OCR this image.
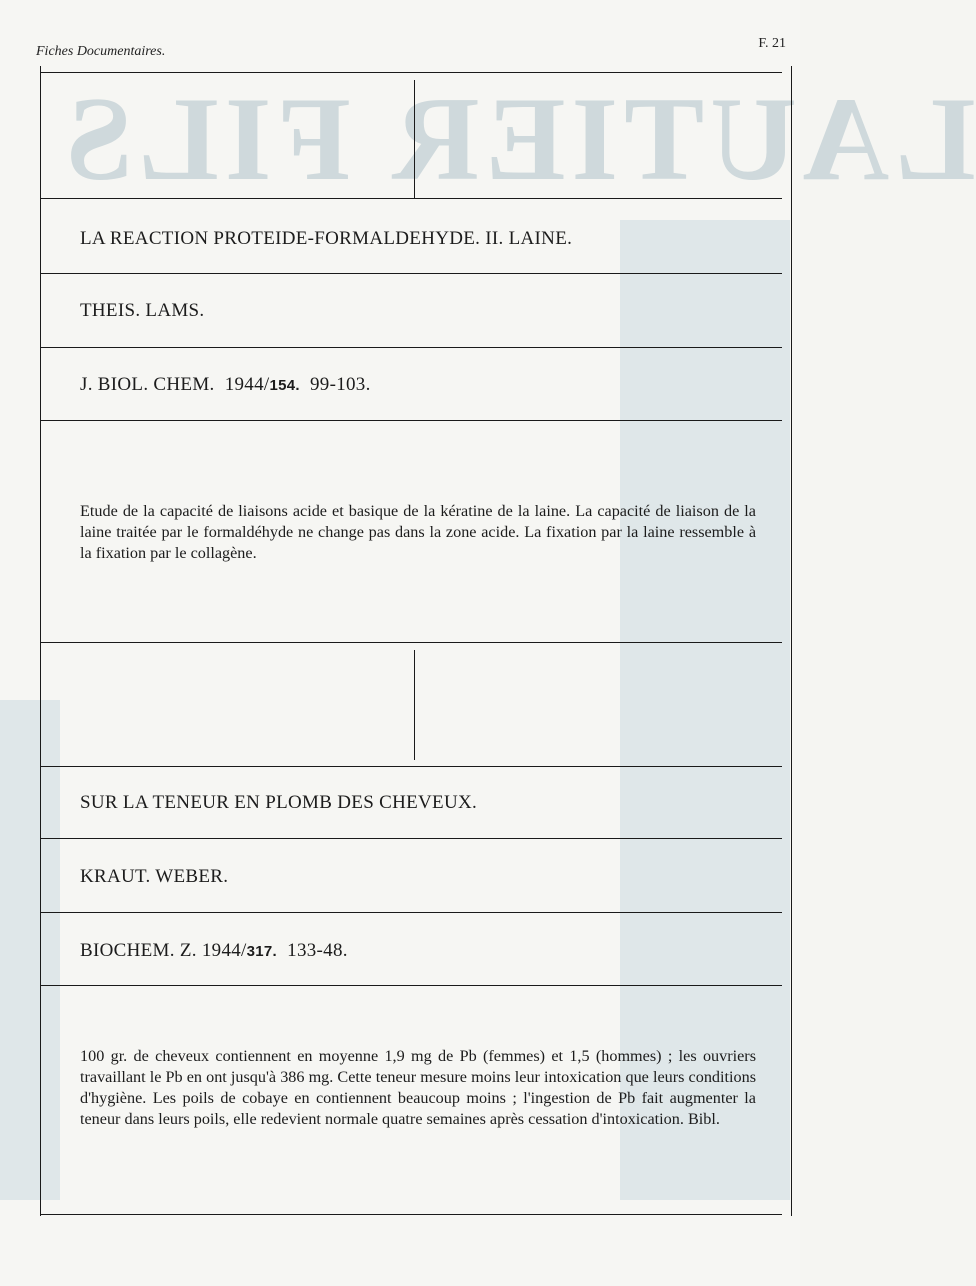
LAUTIER FILS
Fiches Documentaires.
F. 21
LA REACTION PROTEIDE-FORMALDEHYDE. II. LAINE.
THEIS. LAMS.
J. BIOL. CHEM. 1944/154. 99-103.
Etude de la capacité de liaisons acide et basique de la kératine de la laine. La capacité de liaison de la laine traitée par le formaldéhyde ne change pas dans la zone acide. La fixation par la laine ressemble à la fixation par le collagène.
SUR LA TENEUR EN PLOMB DES CHEVEUX.
KRAUT. WEBER.
BIOCHEM. Z. 1944/317. 133-48.
100 gr. de cheveux contiennent en moyenne 1,9 mg de Pb (femmes) et 1,5 (hommes) ; les ouvriers travaillant le Pb en ont jusqu'à 386 mg. Cette teneur mesure moins leur intoxication que leurs conditions d'hygiène. Les poils de cobaye en contiennent beaucoup moins ; l'ingestion de Pb fait augmenter la teneur dans leurs poils, elle redevient normale quatre semaines après cessation d'intoxication. Bibl.
